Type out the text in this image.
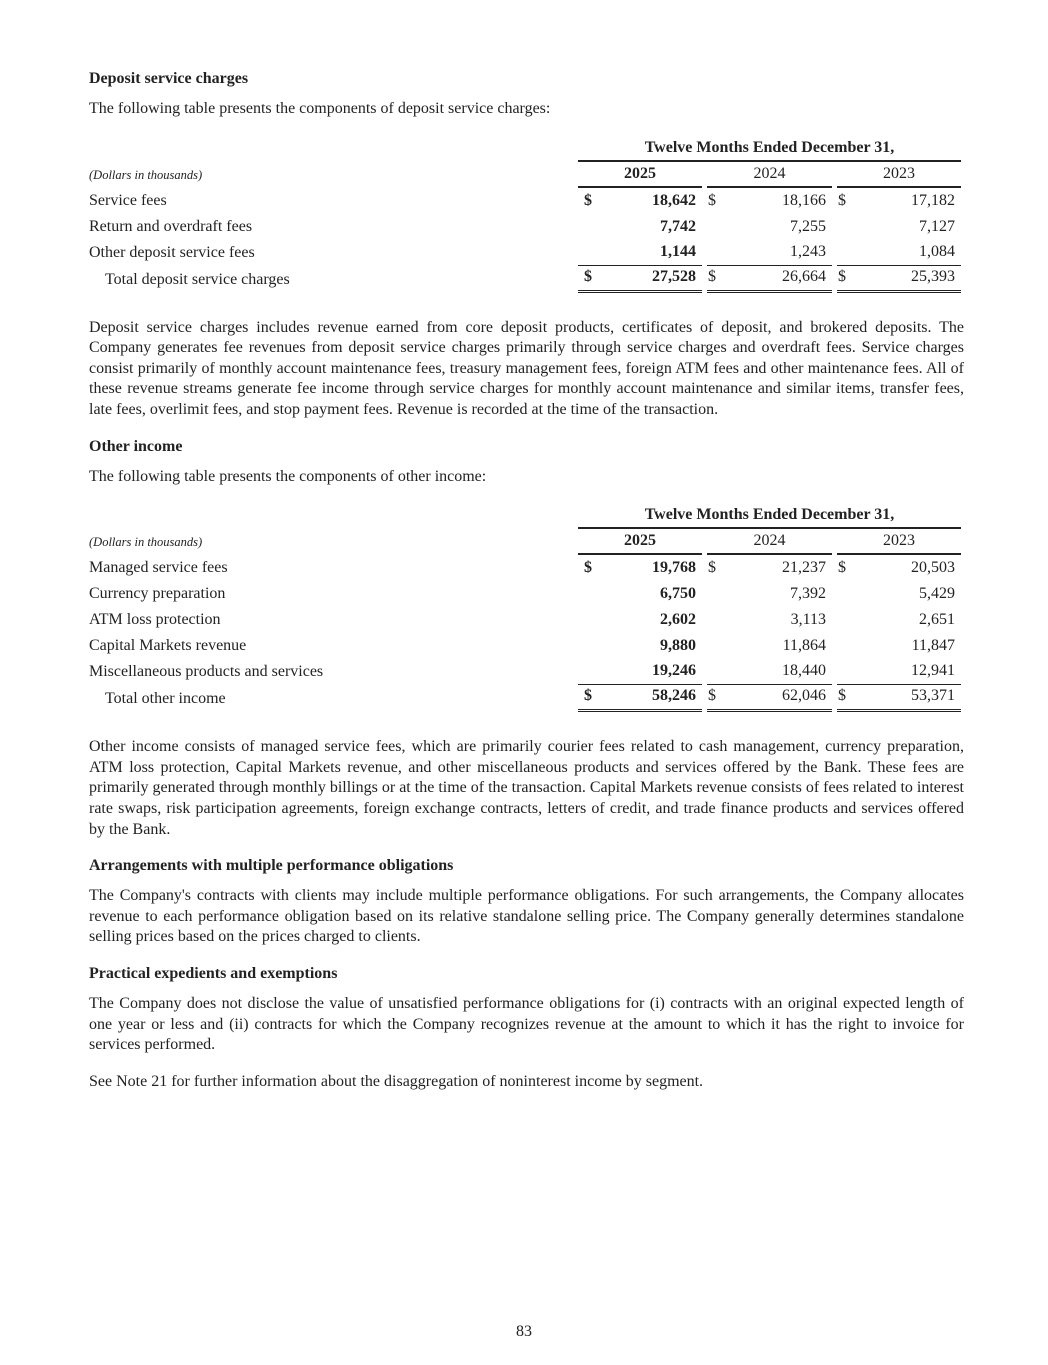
Deposit service charges

The following table presents the components of deposit service charges:

Twelve Months Ended December 31,
(Dollars in thousands)	2025	2024	2023
Service fees	$	18,642 $	18,166 $	17,182
Return and overdraft fees	7,742	7,255	7,127
Other deposit service fees	1,144	1,243	1,084
Total deposit service charges	$	27,528 $	26,664 $	25,393

Deposit service charges includes revenue earned from core deposit products, certificates of deposit, and brokered deposits. The Company generates fee revenues from deposit service charges primarily through service charges and overdraft fees. Service charges consist primarily of monthly account maintenance fees, treasury management fees, foreign ATM fees and other maintenance fees. All of these revenue streams generate fee income through service charges for monthly account maintenance and similar items, transfer fees, late fees, overlimit fees, and stop payment fees. Revenue is recorded at the time of the transaction.

Other income

The following table presents the components of other income:

Twelve Months Ended December 31,
(Dollars in thousands)	2025	2024	2023
Managed service fees	$	19,768 $	21,237 $	20,503
Currency preparation	6,750	7,392	5,429
ATM loss protection	2,602	3,113	2,651
Capital Markets revenue	9,880	11,864	11,847
Miscellaneous products and services	19,246	18,440	12,941
Total other income	$	58,246 $	62,046 $	53,371

Other income consists of managed service fees, which are primarily courier fees related to cash management, currency preparation, ATM loss protection, Capital Markets revenue, and other miscellaneous products and services offered by the Bank. These fees are primarily generated through monthly billings or at the time of the transaction. Capital Markets revenue consists of fees related to interest rate swaps, risk participation agreements, foreign exchange contracts, letters of credit, and trade finance products and services offered by the Bank.

Arrangements with multiple performance obligations

The Company's contracts with clients may include multiple performance obligations. For such arrangements, the Company allocates revenue to each performance obligation based on its relative standalone selling price. The Company generally determines standalone selling prices based on the prices charged to clients.

Practical expedients and exemptions

The Company does not disclose the value of unsatisfied performance obligations for (i) contracts with an original expected length of one year or less and (ii) contracts for which the Company recognizes revenue at the amount to which it has the right to invoice for services performed.

See Note 21 for further information about the disaggregation of noninterest income by segment.

83
